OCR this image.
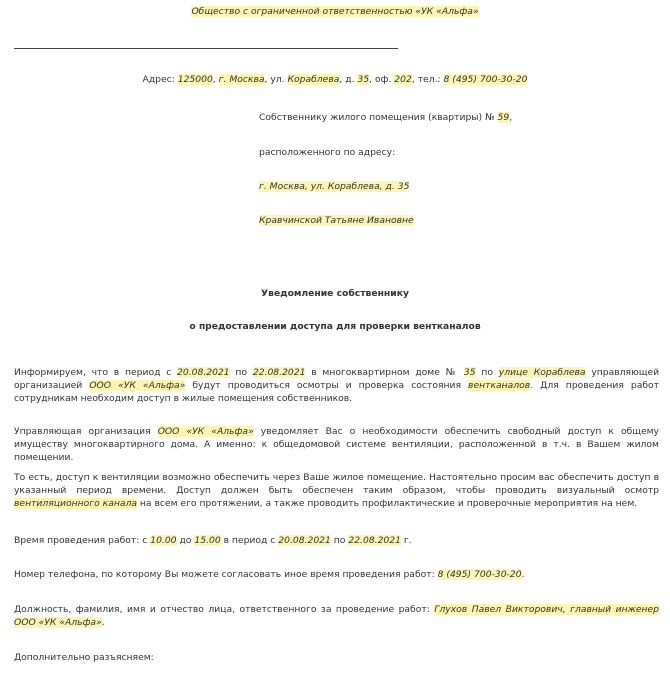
Общество с ограниченной ответственностью «УК «Альфа»
Адрес: 125000, г. Москва, ул. Кораблева, д. 35, оф. 202, тел.: 8 (495) 700-30-20
Собственнику жилого помещения (квартиры) № 59,
расположенного по адресу:
г. Москва, ул. Кораблева, д. 35
Кравчинской Татьяне Ивановне
Уведомление собственнику
о предоставлении доступа для проверки вентканалов
Информируем, что в период с 20.08.2021 по 22.08.2021 в многоквартирном доме № 35 по улице Кораблева управляющей организацией ООО «УК «Альфа» будут проводиться осмотры и проверка состояния вентканалов. Для проведения работ сотрудникам необходим доступ в жилые помещения собственников.
Управляющая организация ООО «УК «Альфа» уведомляет Вас о необходимости обеспечить свободный доступ к общему имуществу многоквартирного дома. А именно: к общедомовой системе вентиляции, расположенной в т.ч. в Вашем жилом помещении.
То есть, доступ к вентиляции возможно обеспечить через Ваше жилое помещение. Настоятельно просим вас обеспечить доступ в указанный период времени. Доступ должен быть обеспечен таким образом, чтобы проводить визуальный осмотр вентиляционного канала на всем его протяжении, а также проводить профилактические и проверочные мероприятия на нем.
Время проведения работ: с 10.00 до 15.00 в период с 20.08.2021 по 22.08.2021 г.
Номер телефона, по которому Вы можете согласовать иное время проведения работ: 8 (495) 700-30-20.
Должность, фамилия, имя и отчество лица, ответственного за проведение работ: Глухов Павел Викторович, главный инженер ООО «УК «Альфа».
Дополнительно разъясняем:
